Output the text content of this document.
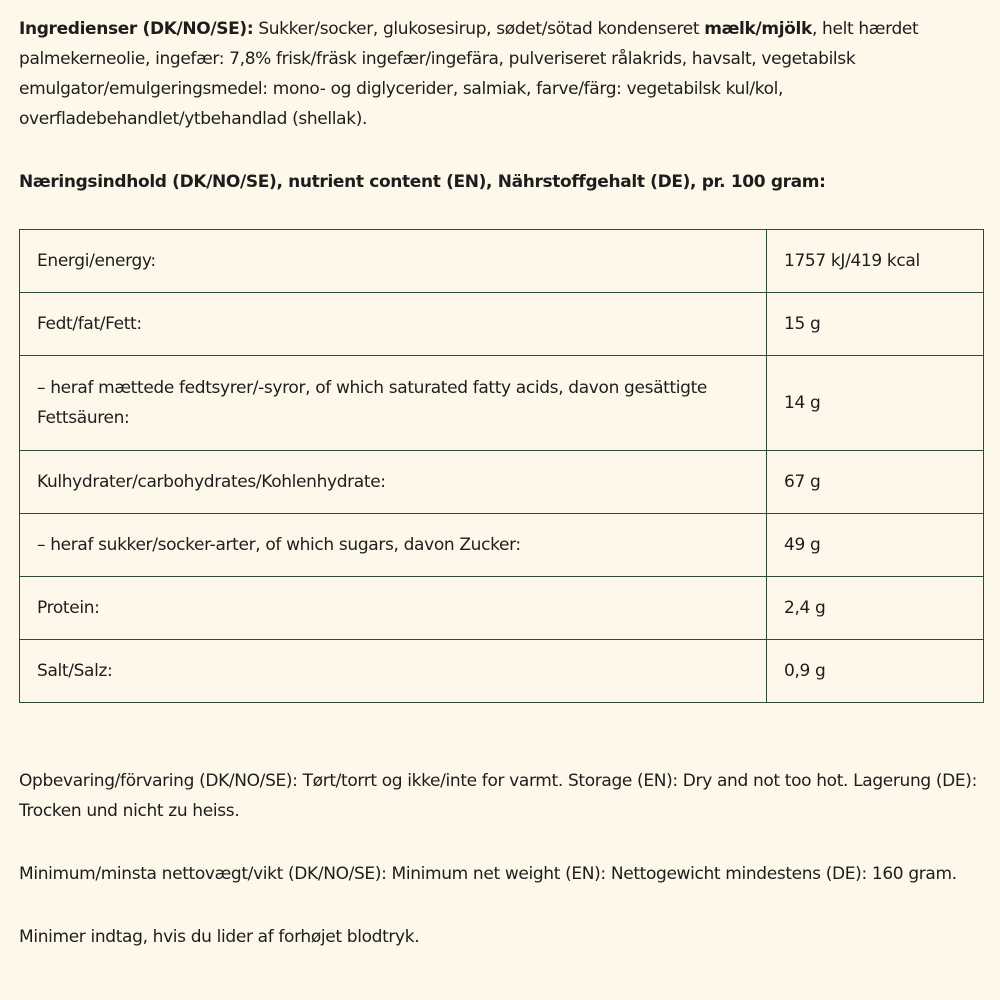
Ingredienser (DK/NO/SE): Sukker/socker, glukosesirup, sødet/sötad kondenseret mælk/mjölk, helt hærdet palmekerneolie, ingefær: 7,8% frisk/fräsk ingefær/ingefära, pulveriseret rålakrids, havsalt, vegetabilsk emulgator/emulgeringsmedel: mono- og diglycerider, salmiak, farve/färg: vegetabilsk kul/kol, overfladebehandlet/ytbehandlad (shellak).

Næringsindhold (DK/NO/SE), nutrient content (EN), Nährstoffgehalt (DE), pr. 100 gram:

Energi/energy:	1757 kJ/419 kcal
Fedt/fat/Fett:	15 g
– heraf mættede fedtsyrer/-syror, of which saturated fatty acids, davon gesättigte Fettsäuren:	14 g
Kulhydrater/carbohydrates/Kohlenhydrate:	67 g
– heraf sukker/socker-arter, of which sugars, davon Zucker:	49 g
Protein:	2,4 g
Salt/Salz:	0,9 g

Opbevaring/förvaring (DK/NO/SE): Tørt/torrt og ikke/inte for varmt. Storage (EN): Dry and not too hot. Lagerung (DE): Trocken und nicht zu heiss.

Minimum/minsta nettovægt/vikt (DK/NO/SE): Minimum net weight (EN): Nettogewicht mindestens (DE): 160 gram.

Minimer indtag, hvis du lider af forhøjet blodtryk.
